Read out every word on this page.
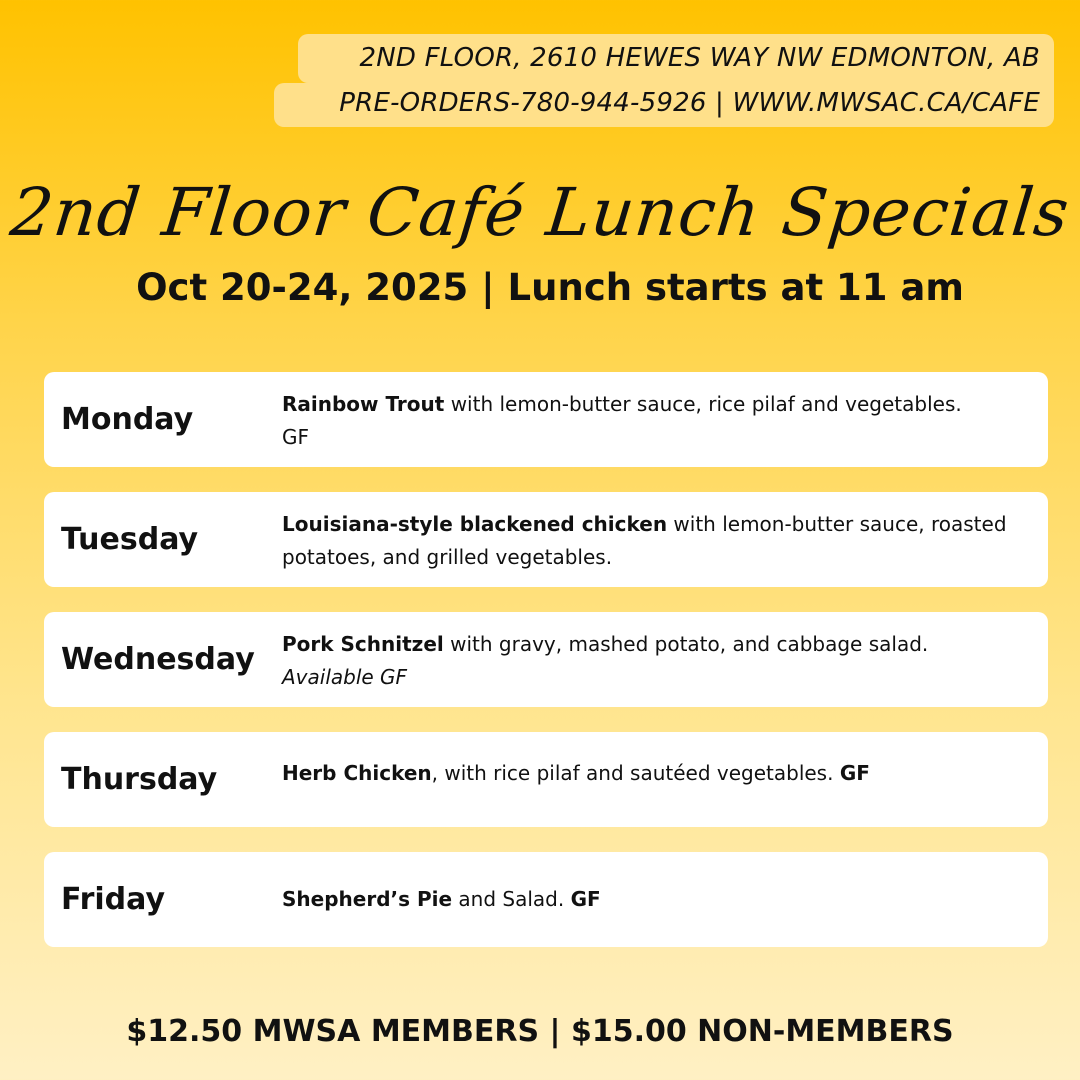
2ND FLOOR, 2610 HEWES WAY NW EDMONTON, AB
PRE-ORDERS-780-944-5926 | WWW.MWSAC.CA/CAFE
2nd Floor Café Lunch Specials
Oct 20-24, 2025 | Lunch starts at 11 am
Monday	Rainbow Trout with lemon-butter sauce, rice pilaf and vegetables.
GF
Tuesday	Louisiana-style blackened chicken with lemon-butter sauce, roasted potatoes, and grilled vegetables.
Wednesday Pork Schnitzel with gravy, mashed potato, and cabbage salad.
Available GF
Thursday	Herb Chicken, with rice pilaf and sautéed vegetables. GF
Friday	Shepherd’s Pie and Salad. GF
$12.50 MWSA MEMBERS | $15.00 NON-MEMBERS
